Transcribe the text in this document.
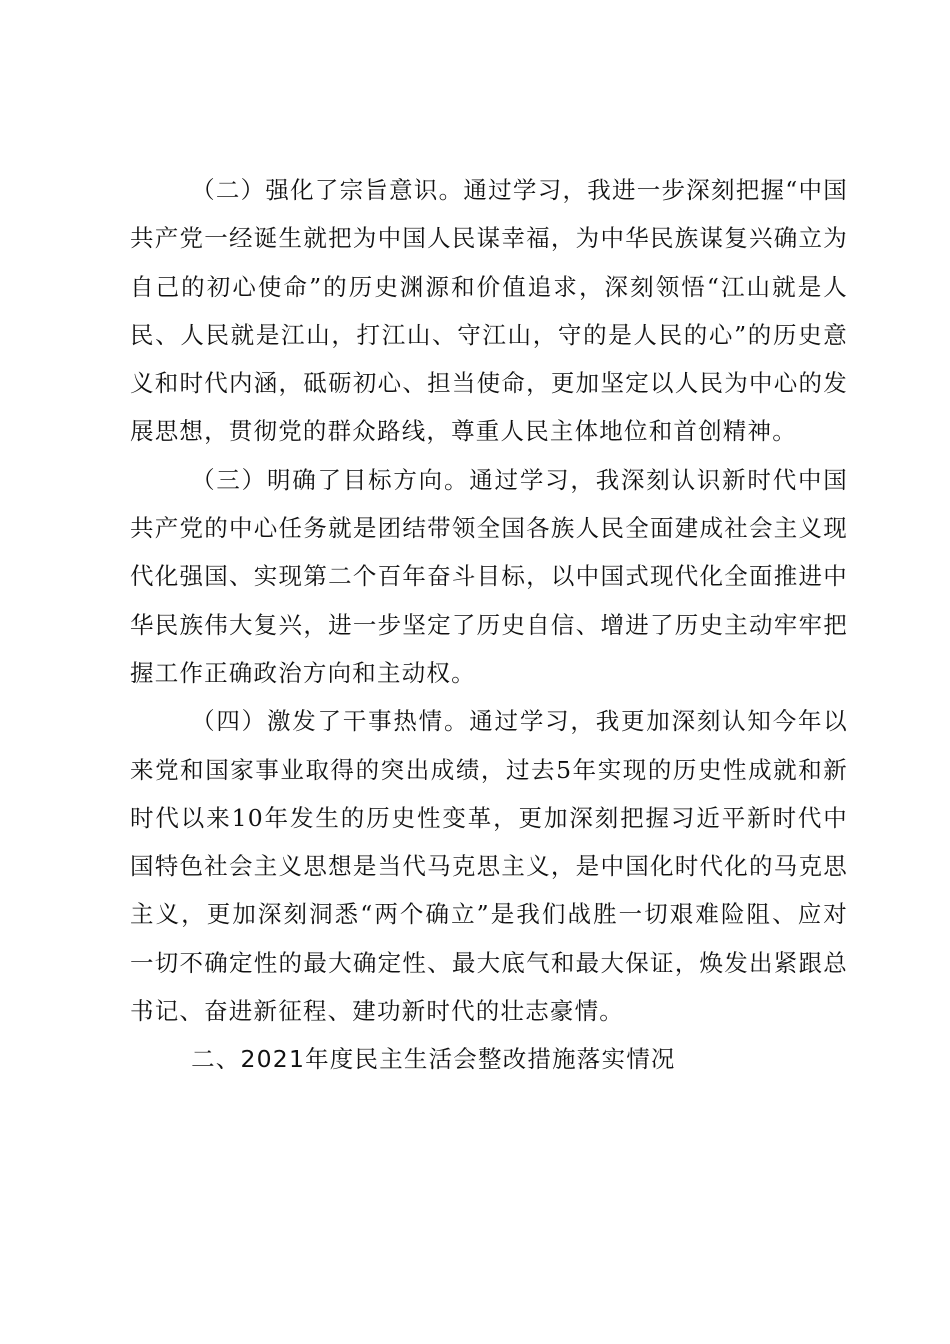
（二）强化了宗旨意识。通过学习，我进一步深刻把握“中国共产党一经诞生就把为中国人民谋幸福，为中华民族谋复兴确立为自己的初心使命”的历史渊源和价值追求，深刻领悟“江山就是人民、人民就是江山，打江山、守江山，守的是人民的心”的历史意义和时代内涵，砥砺初心、担当使命，更加坚定以人民为中心的发展思想，贯彻党的群众路线，尊重人民主体地位和首创精神。

（三）明确了目标方向。通过学习，我深刻认识新时代中国共产党的中心任务就是团结带领全国各族人民全面建成社会主义现代化强国、实现第二个百年奋斗目标，以中国式现代化全面推进中华民族伟大复兴，进一步坚定了历史自信、增进了历史主动牢牢把握工作正确政治方向和主动权。

（四）激发了干事热情。通过学习，我更加深刻认知今年以来党和国家事业取得的突出成绩，过去5年实现的历史性成就和新时代以来10年发生的历史性变革，更加深刻把握习近平新时代中国特色社会主义思想是当代马克思主义，是中国化时代化的马克思主义，更加深刻洞悉“两个确立”是我们战胜一切艰难险阻、应对一切不确定性的最大确定性、最大底气和最大保证，焕发出紧跟总书记、奋进新征程、建功新时代的壮志豪情。

二、2021年度民主生活会整改措施落实情况
